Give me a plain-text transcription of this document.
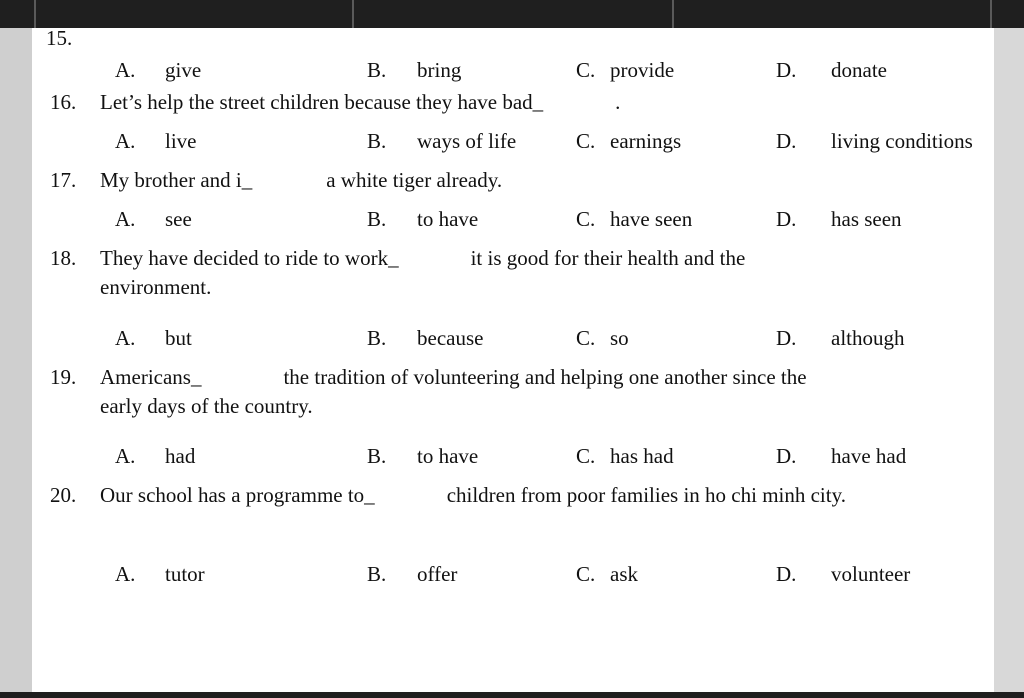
15.
A. give	B. bring	C. provide	D. donate
16. Let’s help the street children because they have bad_	.
A. live	B. ways of life	C. earnings	D. living conditions
17. My brother and i_	a white tiger already.
A. see	B. to have	C. have seen	D. has seen
18. They have decided to ride to work_	it is good for their health and the
environment.
A. but	B. because	C. so	D. although
19. Americans_	the tradition of volunteering and helping one another since the
early days of the country.
A. had	B. to have	C. has had	D. have had
20. Our school has a programme to_	children from poor families in ho chi minh city.
A. tutor	B. offer	C. ask	D. volunteer
